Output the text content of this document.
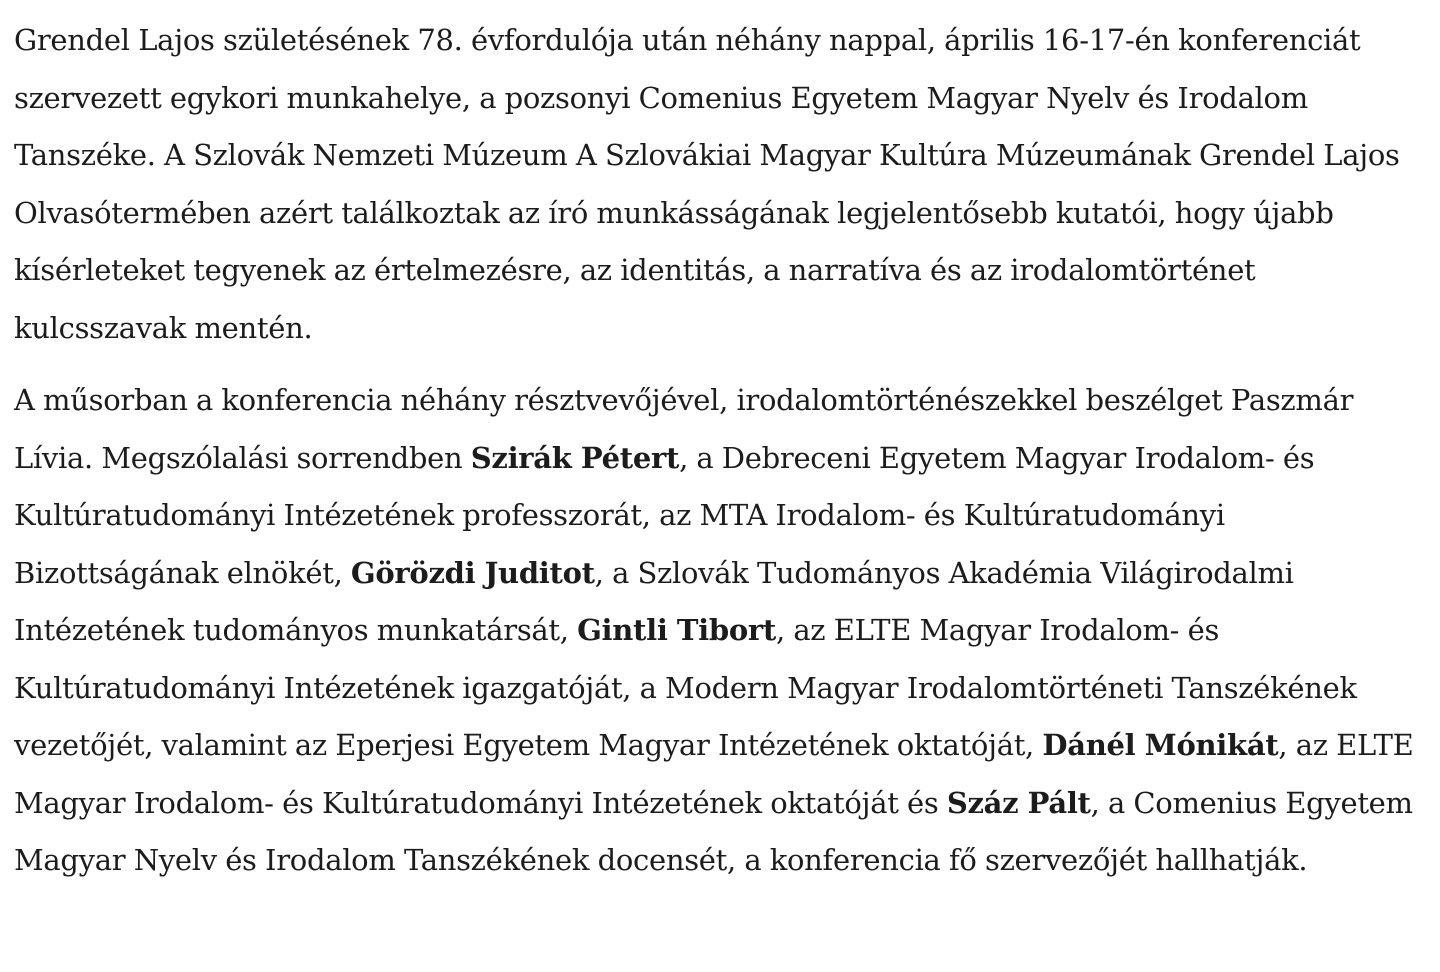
Grendel Lajos születésének 78. évfordulója után néhány nappal, április 16-17-én konferenciát szervezett egykori munkahelye, a pozsonyi Comenius Egyetem Magyar Nyelv és Irodalom Tanszéke. A Szlovák Nemzeti Múzeum A Szlovákiai Magyar Kultúra Múzeumának Grendel Lajos Olvasótermében azért találkoztak az író munkásságának legjelentősebb kutatói, hogy újabb kísérleteket tegyenek az értelmezésre, az identitás, a narratíva és az irodalomtörténet kulcsszavak mentén.

A műsorban a konferencia néhány résztvevőjével, irodalomtörténészekkel beszélget Paszmár Lívia. Megszólalási sorrendben Szirák Pétert, a Debreceni Egyetem Magyar Irodalom- és Kultúratudományi Intézetének professzorát, az MTA Irodalom- és Kultúratudományi Bizottságának elnökét, Görözdi Juditot, a Szlovák Tudományos Akadémia Világirodalmi Intézetének tudományos munkatársát, Gintli Tibort, az ELTE Magyar Irodalom- és Kultúratudományi Intézetének igazgatóját, a Modern Magyar Irodalomtörténeti Tanszékének vezetőjét, valamint az Eperjesi Egyetem Magyar Intézetének oktatóját, Dánél Mónikát, az ELTE Magyar Irodalom- és Kultúratudományi Intézetének oktatóját és Száz Pált, a Comenius Egyetem Magyar Nyelv és Irodalom Tanszékének docensét, a konferencia fő szervezőjét hallhatják.
